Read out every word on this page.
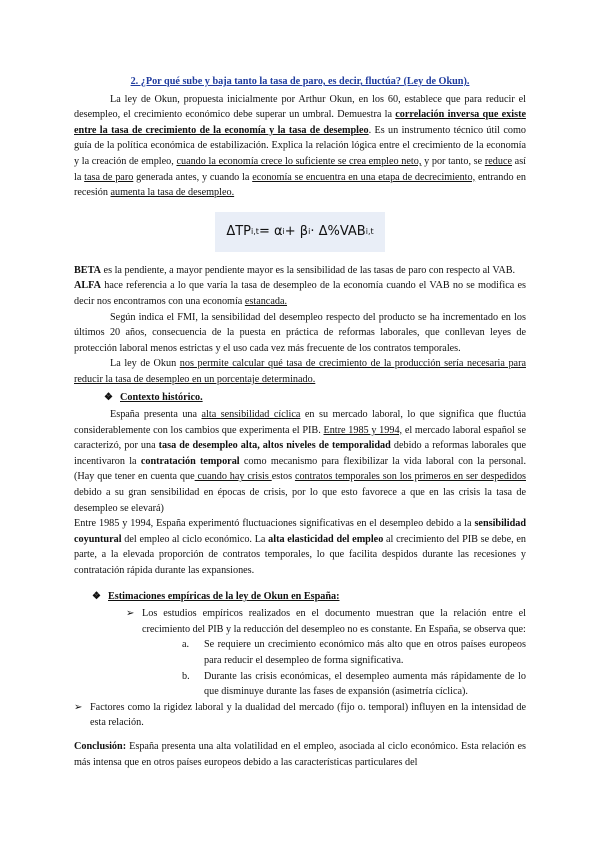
2. ¿Por qué sube y baja tanto la tasa de paro, es decir, fluctúa? (Ley de Okun).

La ley de Okun, propuesta inicialmente por Arthur Okun, en los 60, establece que para reducir el desempleo, el crecimiento económico debe superar un umbral. Demuestra la correlación inversa que existe entre la tasa de crecimiento de la economía y la tasa de desempleo. Es un instrumento técnico útil como guía de la política económica de estabilización. Explica la relación lógica entre el crecimiento de la economía y la creación de empleo, cuando la economía crece lo suficiente se crea empleo neto, y por tanto, se reduce así la tasa de paro generada antes, y cuando la economía se encuentra en una etapa de decrecimiento, entrando en recesión aumenta la tasa de desempleo.

ΔTP i,t = α i + β i · Δ%VAB i,t

BETA es la pendiente, a mayor pendiente mayor es la sensibilidad de las tasas de paro con respecto al VAB.

ALFA hace referencia a lo que varía la tasa de desempleo de la economía cuando el VAB no se modifica es decir nos encontramos con una economía estancada.

Según indica el FMI, la sensibilidad del desempleo respecto del producto se ha incrementado en los últimos 20 años, consecuencia de la puesta en práctica de reformas laborales, que conllevan leyes de protección laboral menos estrictas y el uso cada vez más frecuente de los contratos temporales.

La ley de Okun nos permite calcular qué tasa de crecimiento de la producción sería necesaria para reducir la tasa de desempleo en un porcentaje determinado.

❖ Contexto histórico.

España presenta una alta sensibilidad cíclica en su mercado laboral, lo que significa que fluctúa considerablemente con los cambios que experimenta el PIB. Entre 1985 y 1994, el mercado laboral español se caracterizó, por una tasa de desempleo alta, altos niveles de temporalidad debido a reformas laborales que incentivaron la contratación temporal como mecanismo para flexibilizar la vida laboral con la personal. (Hay que tener en cuenta que cuando hay crisis estos contratos temporales son los primeros en ser despedidos debido a su gran sensibilidad en épocas de crisis, por lo que esto favorece a que en las crisis la tasa de desempleo se elevará)

Entre 1985 y 1994, España experimentó fluctuaciones significativas en el desempleo debido a la sensibilidad coyuntural del empleo al ciclo económico. La alta elasticidad del empleo al crecimiento del PIB se debe, en parte, a la elevada proporción de contratos temporales, lo que facilita despidos durante las recesiones y contratación rápida durante las expansiones.

❖ Estimaciones empíricas de la ley de Okun en España:
➢ Los estudios empíricos realizados en el documento muestran que la relación entre el crecimiento del PIB y la reducción del desempleo no es constante. En España, se observa que:

a.	Se requiere un crecimiento económico más alto que en otros países europeos para reducir el desempleo de forma significativa.

b.	Durante las crisis económicas, el desempleo aumenta más rápidamente de lo que disminuye durante las fases de expansión (asimetría cíclica).

➢ Factores como la rigidez laboral y la dualidad del mercado (fijo o. temporal) influyen en la intensidad de esta relación.

Conclusión: España presenta una alta volatilidad en el empleo, asociada al ciclo económico. Esta relación es más intensa que en otros países europeos debido a las características particulares del
